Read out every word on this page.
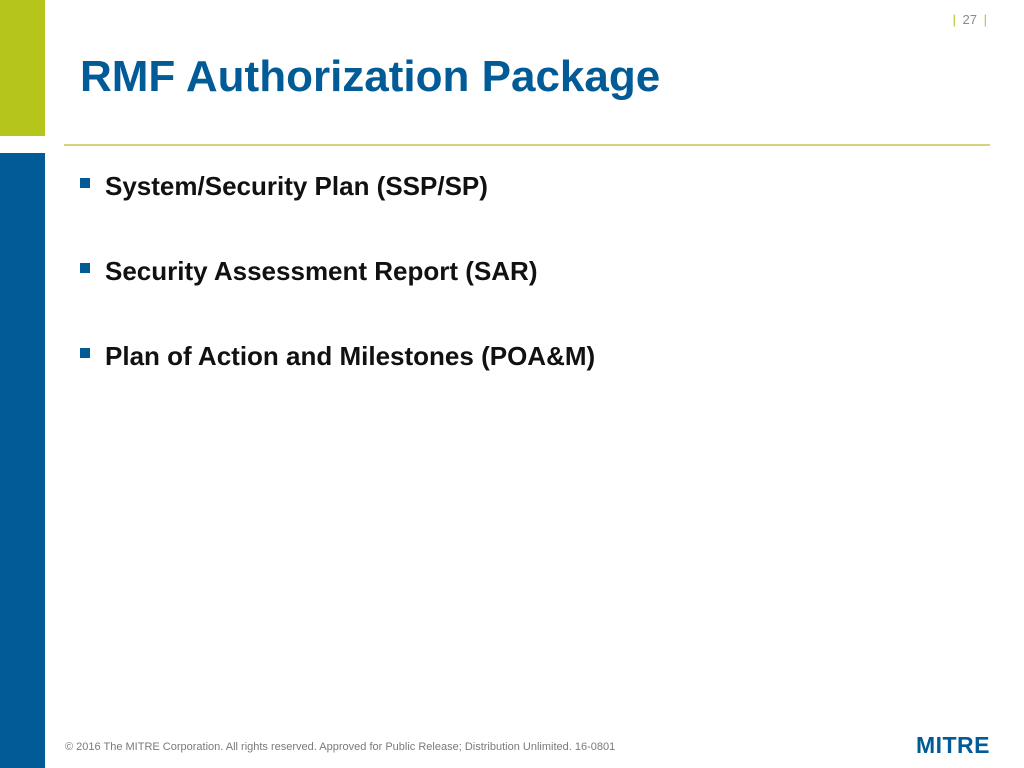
| 27 |
RMF Authorization Package
System/Security Plan (SSP/SP)
Security Assessment Report (SAR)
Plan of Action and Milestones (POA&M)
© 2016 The MITRE Corporation. All rights reserved. Approved for Public Release; Distribution Unlimited. 16-0801	MITRE
